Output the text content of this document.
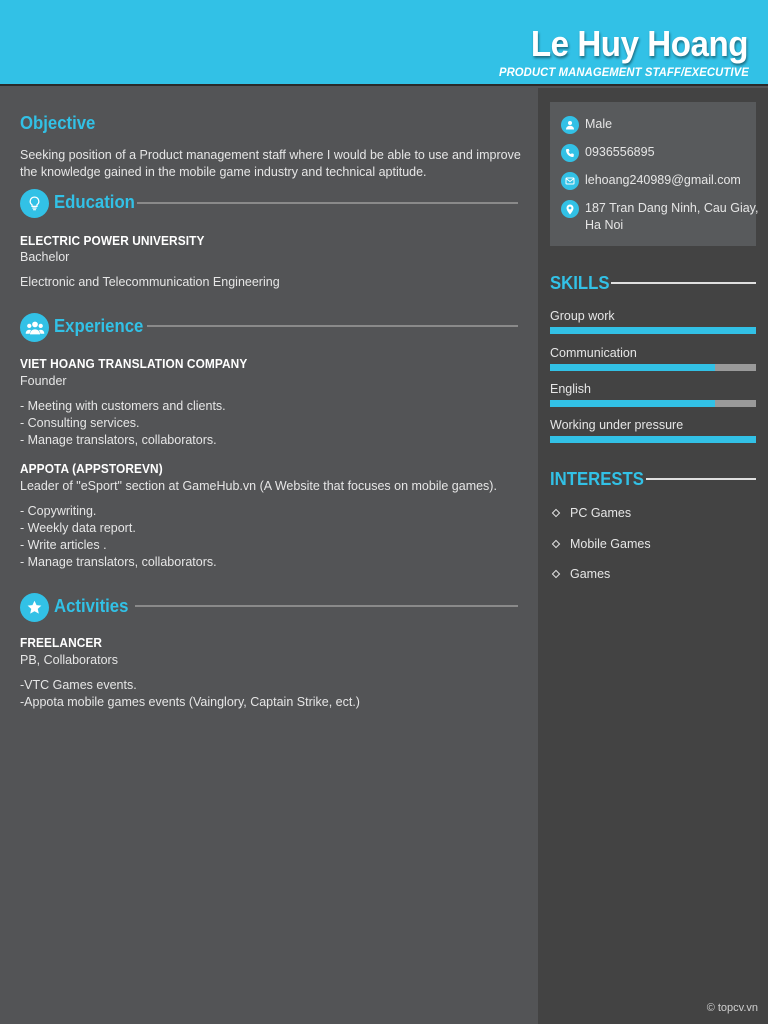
Le Huy Hoang
PRODUCT MANAGEMENT STAFF/EXECUTIVE
Objective
Seeking position of a Product management staff where I would be able to use and improve
the knowledge gained in the mobile game industry and technical aptitude.
Education
ELECTRIC POWER UNIVERSITY
Bachelor
Electronic and Telecommunication Engineering
Experience
VIET HOANG TRANSLATION COMPANY
Founder
- Meeting with customers and clients.
- Consulting services.
- Manage translators, collaborators.
APPOTA (APPSTOREVN)
Leader of "eSport" section at GameHub.vn (A Website that focuses on mobile games).
- Copywriting.
- Weekly data report.
- Write articles .
- Manage translators, collaborators.
Activities
FREELANCER
PB, Collaborators
-VTC Games events.
-Appota mobile games events (Vainglory, Captain Strike, ect.)
Male
0936556895
lehoang240989@gmail.com
187 Tran Dang Ninh, Cau Giay,
Ha Noi
SKILLS
Group work
Communication
English
Working under pressure
INTERESTS
PC Games
Mobile Games
Games
© topcv.vn
